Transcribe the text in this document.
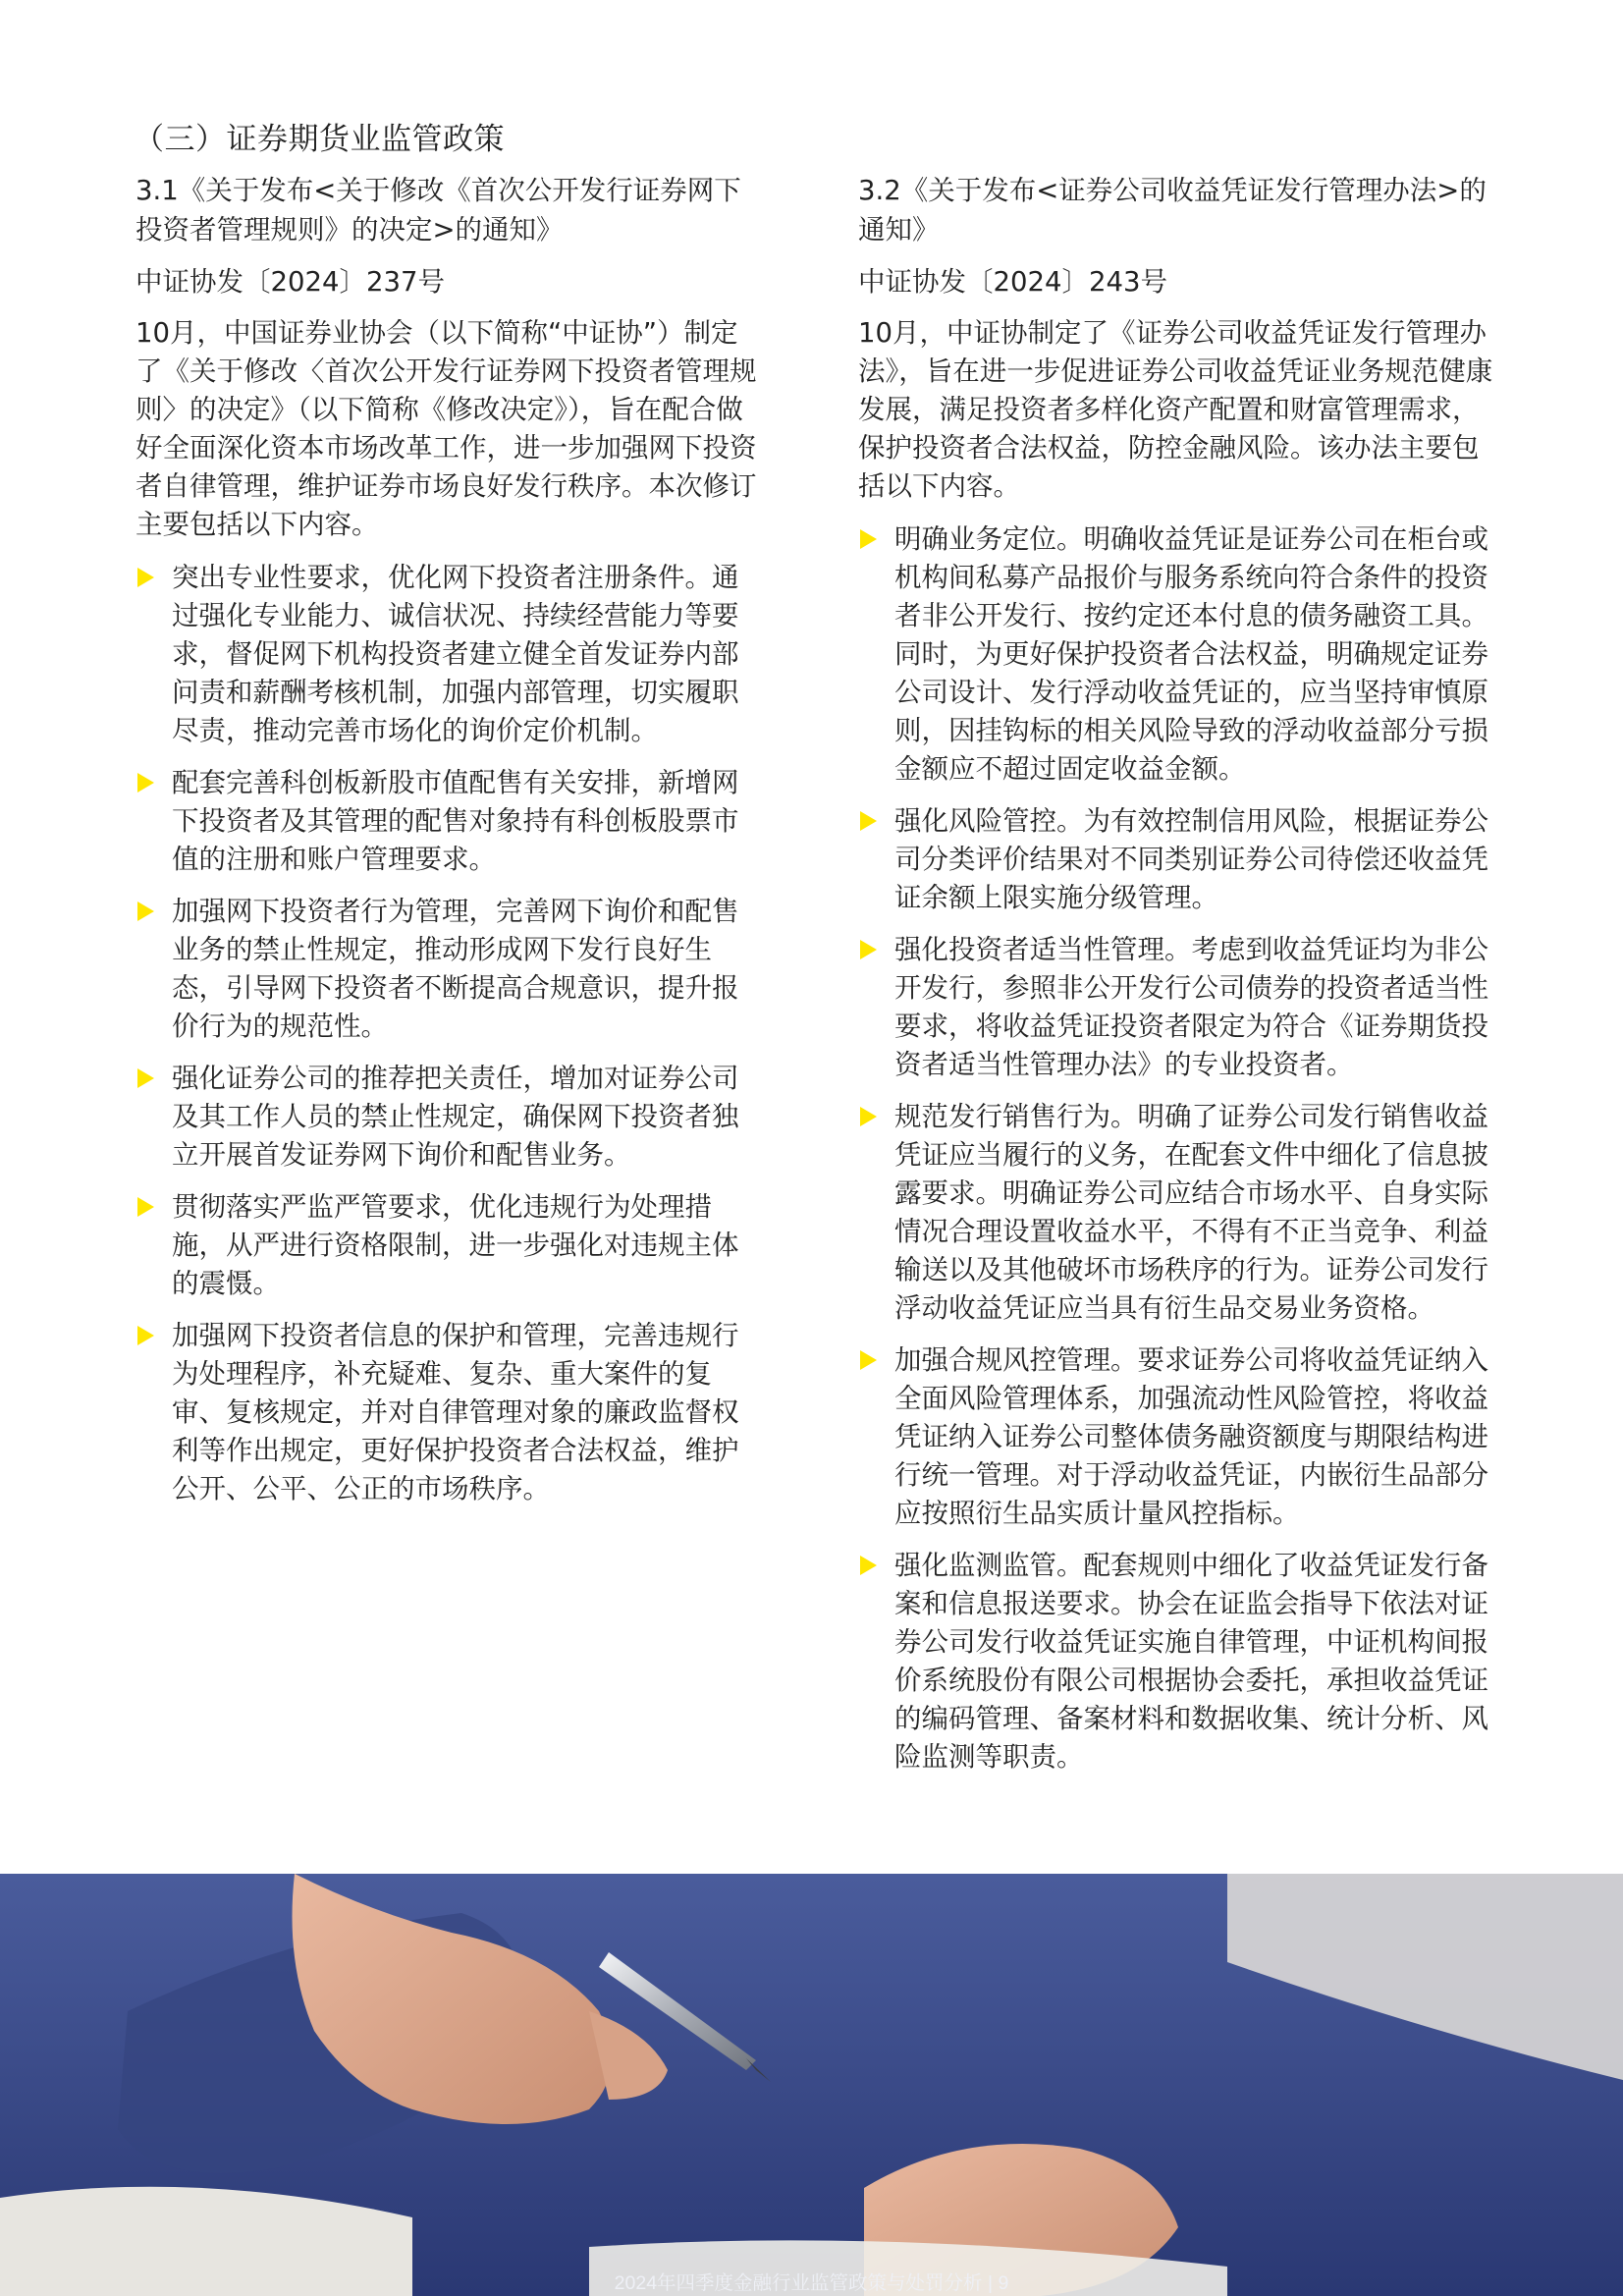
（三）证券期货业监管政策
3.1《关于发布<关于修改《首次公开发行证券网下投资者管理规则》的决定>的通知》
中证协发〔2024〕237号
10月，中国证券业协会（以下简称“中证协”）制定了《关于修改〈首次公开发行证券网下投资者管理规则〉的决定》（以下简称《修改决定》），旨在配合做好全面深化资本市场改革工作，进一步加强网下投资者自律管理，维护证券市场良好发行秩序。本次修订主要包括以下内容。
突出专业性要求，优化网下投资者注册条件。通过强化专业能力、诚信状况、持续经营能力等要求，督促网下机构投资者建立健全首发证券内部问责和薪酬考核机制，加强内部管理，切实履职尽责，推动完善市场化的询价定价机制。
配套完善科创板新股市值配售有关安排，新增网下投资者及其管理的配售对象持有科创板股票市值的注册和账户管理要求。
加强网下投资者行为管理，完善网下询价和配售业务的禁止性规定，推动形成网下发行良好生态，引导网下投资者不断提高合规意识，提升报价行为的规范性。
强化证券公司的推荐把关责任，增加对证券公司及其工作人员的禁止性规定，确保网下投资者独立开展首发证券网下询价和配售业务。
贯彻落实严监严管要求，优化违规行为处理措施，从严进行资格限制，进一步强化对违规主体的震慑。
加强网下投资者信息的保护和管理，完善违规行为处理程序，补充疑难、复杂、重大案件的复审、复核规定，并对自律管理对象的廉政监督权利等作出规定，更好保护投资者合法权益，维护公开、公平、公正的市场秩序。
3.2《关于发布<证券公司收益凭证发行管理办法>的通知》
中证协发〔2024〕243号
10月，中证协制定了《证券公司收益凭证发行管理办法》，旨在进一步促进证券公司收益凭证业务规范健康发展，满足投资者多样化资产配置和财富管理需求，保护投资者合法权益，防控金融风险。该办法主要包括以下内容。
明确业务定位。明确收益凭证是证券公司在柜台或机构间私募产品报价与服务系统向符合条件的投资者非公开发行、按约定还本付息的债务融资工具。同时，为更好保护投资者合法权益，明确规定证券公司设计、发行浮动收益凭证的，应当坚持审慎原则，因挂钩标的相关风险导致的浮动收益部分亏损金额应不超过固定收益金额。
强化风险管控。为有效控制信用风险，根据证券公司分类评价结果对不同类别证券公司待偿还收益凭证余额上限实施分级管理。
强化投资者适当性管理。考虑到收益凭证均为非公开发行，参照非公开发行公司债券的投资者适当性要求，将收益凭证投资者限定为符合《证券期货投资者适当性管理办法》的专业投资者。
规范发行销售行为。明确了证券公司发行销售收益凭证应当履行的义务，在配套文件中细化了信息披露要求。明确证券公司应结合市场水平、自身实际情况合理设置收益水平，不得有不正当竞争、利益输送以及其他破坏市场秩序的行为。证券公司发行浮动收益凭证应当具有衍生品交易业务资格。
加强合规风控管理。要求证券公司将收益凭证纳入全面风险管理体系，加强流动性风险管控，将收益凭证纳入证券公司整体债务融资额度与期限结构进行统一管理。对于浮动收益凭证，内嵌衍生品部分应按照衍生品实质计量风控指标。
强化监测监管。配套规则中细化了收益凭证发行备案和信息报送要求。协会在证监会指导下依法对证券公司发行收益凭证实施自律管理，中证机构间报价系统股份有限公司根据协会委托，承担收益凭证的编码管理、备案材料和数据收集、统计分析、风险监测等职责。
2024年四季度金融行业监管政策与处罚分析 | 9
